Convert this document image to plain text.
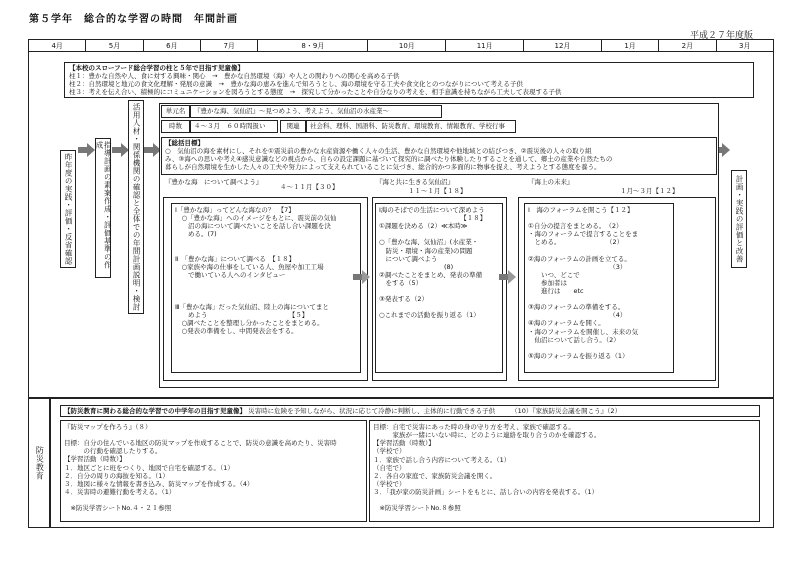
第５学年　総合的な学習の時間　年間計画
平成２７年度版
4月	5月	6月	7月	8・9月	10月	11月	12月	1月	2月	3月
【本校のスローフード総合学習の柱と５年で目指す児童像】
柱１：豊かな自然や人、食に対する興味・関心　→　豊かな自然環境（海）や人との関わりへの関心を高める子供
柱２：自然環境と地元の食文化理解・発展の意識　→　豊かな海の恵みを進んで知ろうとし、海の環境を守る工夫や食文化とのつながりについて考える子供
柱３：考えを伝え合い、積極的にコミュニケーションを図ろうとする態度　→　探究して分かったことや自分なりの考えを、相手意識を持ちながら工夫して表現する子供
昨年度の実践・評価・反省確認	指導計画の素案作成・評価基準の作成	活用人材・関係機関の確認と全体での年間計画説明・検討	計画・実践の評価と改善
単元名	『豊かな海、気仙沼』〜見つめよう、考えよう、気仙沼の水産業〜
時数	４〜３月　６０時間扱い	関連	社会科、理科、国語科、防災教育、環境教育、情報教育、学校行事
【総括目標】
○　気仙沼の海を素材にし、それを①震災前の豊かな水産資源や働く人々の生活、豊かな自然環境や他地域との結びつき、②震災後の人々の取り組
み、③海への思いや考え④感災意識などの視点から、自らの設定課題に基づいて探究的に調べたり体験したりすることを通して、郷土の産業や自然たちの
暮らしが自然環境を生かした人々の工夫や努力によって支えられていることに気づき、総合的かつ多面的に物事を捉え、考えようとする態度を養う。
『豊かな海　について調べよう』
４〜１１月【３０】
『海と共に生きる気仙沼』
１１〜１月【１８】
『海上の未来』
１月〜３月【１２】
Ⅰ「豊かな海」ってどんな海なの？　【7】
　○「豊かな海」へのイメージをもとに、震災前の気仙
　　沼の海について調べたいことを話し合い課題を決
　　める。(7)
Ⅱ　「豊かな海」について調べる　【１８】
　○家族や海の仕事をしている人、魚屋や加工工場
　　で働いている人へのインタビュー
Ⅲ「豊かな海」だった気仙沼、陸上の海についてまと
　　めよう　　　　　　　　　　　　　【５】
　○調べたことを整理し分かったことをまとめる。
　○発表の準備をし、中間発表会をする。
Ⅰ海のそばでの生活について深めよう
　　　　　　　　　　　　　【１８】
①課題を決める（2）≪本時≫
○「豊かな海、気仙沼」(水産業・
　防災・環境・海の産業)の問題
　について調べよう
　　　　　　　　　　(8)
②調べたことをまとめ、発表の準備
　をする（5）
③発表する（2）
○これまでの活動を振り返る（1）
Ⅰ　海のフォーラムを開こう【１２】
①自分の提言をまとめる。　（2）
・海のフォーラムで提言することをま
　とめる。　　　　　　　　（2）
②海のフォーラムの計画を立てる。
　　　　　　　　　　　　　（3）
　　いつ、どこで
　　参加者は
　　進行は　　etc
③海のフォーラムの準備をする。
　　　　　　　　　　　　　（4）
④海のフォーラムを開く。
・海のフォーラムを開催し、未来の気
　仙沼について話し合う。（2）
⑤海のフォーラムを振り返る（1）
防災教育
【防災教育に関わる総合的な学習での中学年の目指す児童像】 災害時に危険を予知しながら、状況に応じて冷静に判断し、主体的に行動できる子供 （10）『家族防災会議を開こう』（2）
『防災マップを作ろう』（８）
目標：自分の住んでいる地区の防災マップを作成することで、防災の意識を高めたり、災害時
　　　の行動を確認したりする。
【学習活動（時数）】
１．地区ごとに班をつくり、地図で自宅を確認する。（1）
２．自分の周りの海抜を知る。（1）
３．地図に様々な情報を書き込み、防災マップを作成する。（4）
４．災害時の避難行動を考える。（1）
　※防災学習シートNo.４・２１参照
目標：自宅で災害にあった時の身の守り方を考え、家族で確認する。
　　　家族が一緒にいない時に、どのように連絡を取り合うのかを確認する。
【学習活動（時数）】
（学校で）
１．家族で話し合う内容について考える。（1）
（自宅で）
２．各自の家庭で、家族防災会議を開く。
（学校で）
３．「我が家の防災計画」シートをもとに、話し合いの内容を発表する。（1）
　※防災学習シートNo.８参照
